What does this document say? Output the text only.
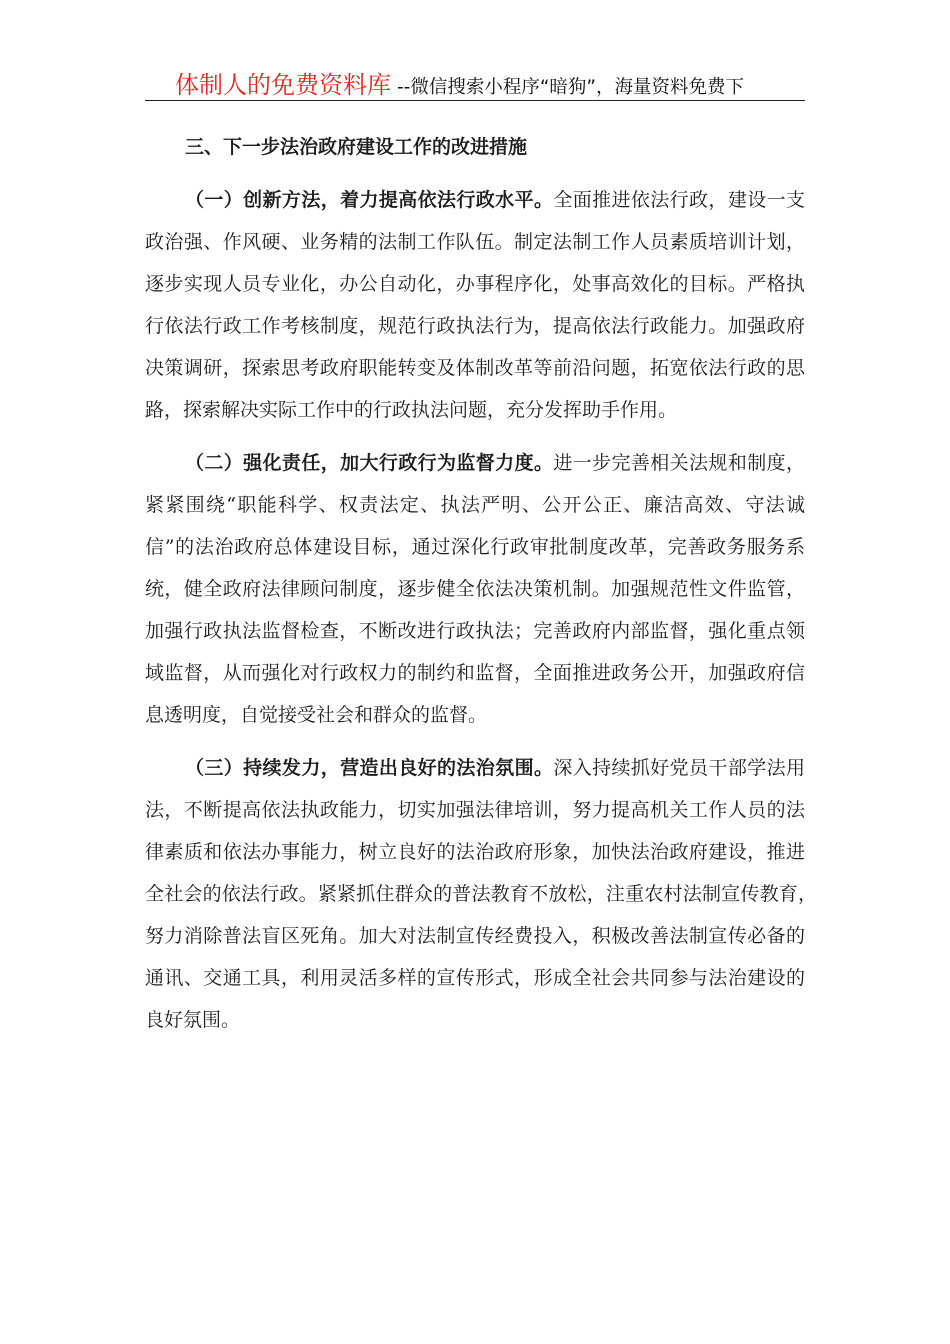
体制人的免费资料库 --微信搜索小程序“暗狗”，海量资料免费下
三、下一步法治政府建设工作的改进措施
（一）创新方法，着力提高依法行政水平。全面推进依法行政，建设一支
政治强、作风硬、业务精的法制工作队伍。制定法制工作人员素质培训计划，
逐步实现人员专业化，办公自动化，办事程序化，处事高效化的目标。严格执
行依法行政工作考核制度，规范行政执法行为，提高依法行政能力。加强政府
决策调研，探索思考政府职能转变及体制改革等前沿问题，拓宽依法行政的思
路，探索解决实际工作中的行政执法问题，充分发挥助手作用。
（二）强化责任，加大行政行为监督力度。进一步完善相关法规和制度，
紧紧围绕“职能科学、权责法定、执法严明、公开公正、廉洁高效、守法诚
信”的法治政府总体建设目标，通过深化行政审批制度改革，完善政务服务系
统，健全政府法律顾问制度，逐步健全依法决策机制。加强规范性文件监管，
加强行政执法监督检查，不断改进行政执法；完善政府内部监督，强化重点领
域监督，从而强化对行政权力的制约和监督，全面推进政务公开，加强政府信
息透明度，自觉接受社会和群众的监督。
（三）持续发力，营造出良好的法治氛围。深入持续抓好党员干部学法用
法，不断提高依法执政能力，切实加强法律培训，努力提高机关工作人员的法
律素质和依法办事能力，树立良好的法治政府形象，加快法治政府建设，推进
全社会的依法行政。紧紧抓住群众的普法教育不放松，注重农村法制宣传教育，
努力消除普法盲区死角。加大对法制宣传经费投入，积极改善法制宣传必备的
通讯、交通工具，利用灵活多样的宣传形式，形成全社会共同参与法治建设的
良好氛围。
